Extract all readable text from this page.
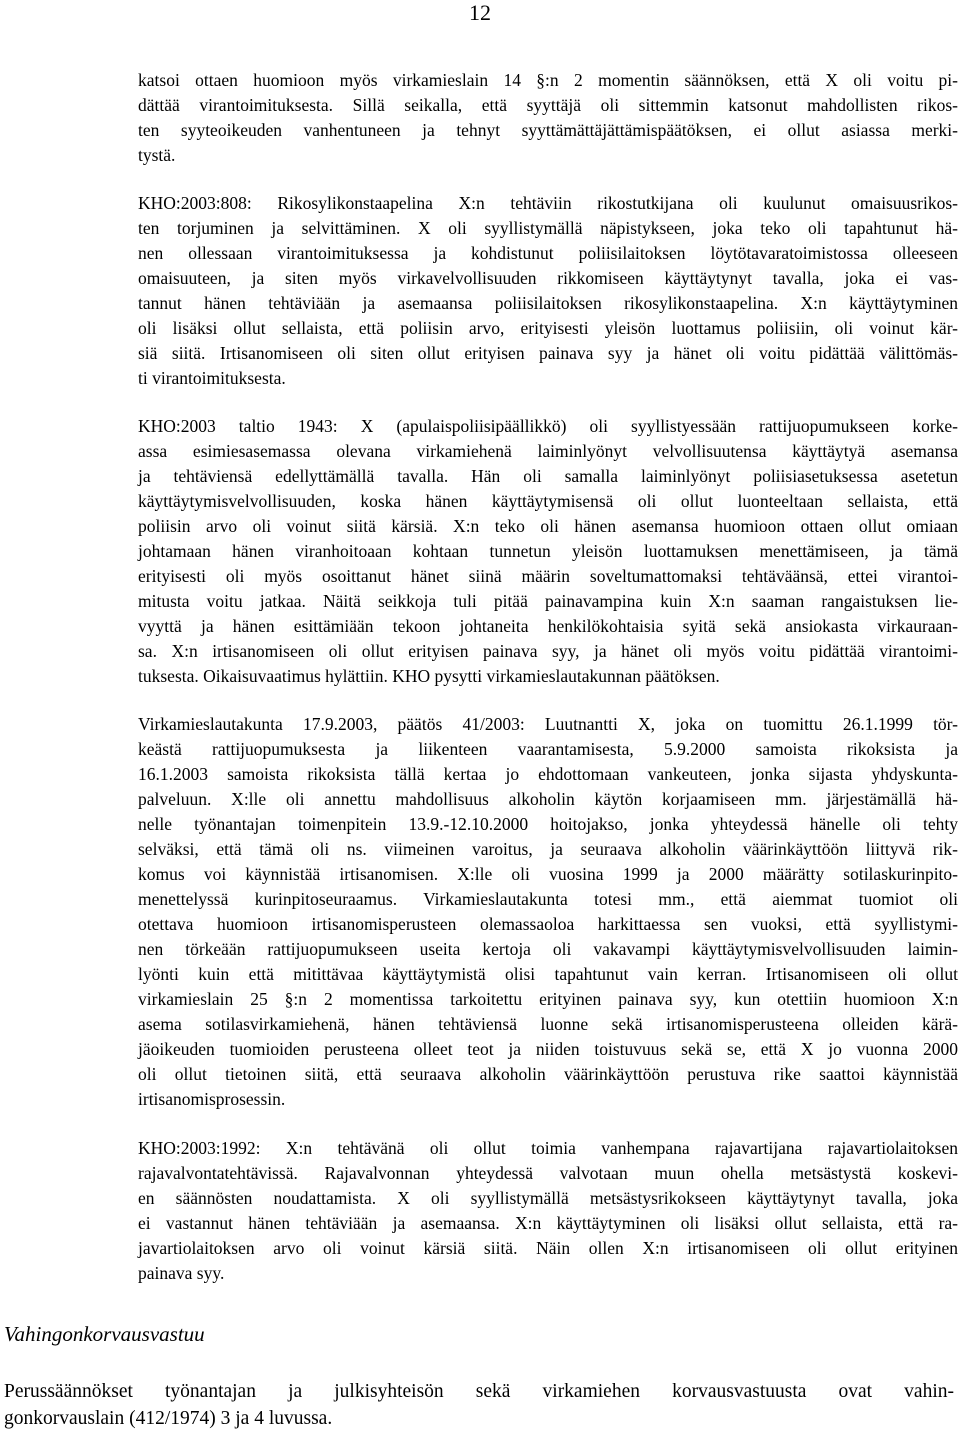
12
katsoi ottaen huomioon myös virkamieslain 14 §:n 2 momentin säännöksen, että X oli voitu pi-
dättää virantoimituksesta. Sillä seikalla, että syyttäjä oli sittemmin katsonut mahdollisten rikos-
ten syyteoikeuden vanhentuneen ja tehnyt syyttämättäjättämispäätöksen, ei ollut asiassa merki-
tystä.
KHO:2003:808: Rikosylikonstaapelina X:n tehtäviin rikostutkijana oli kuulunut omaisuusrikos-
ten torjuminen ja selvittäminen. X oli syyllistymällä näpistykseen, joka teko oli tapahtunut hä-
nen ollessaan virantoimituksessa ja kohdistunut poliisilaitoksen löytötavaratoimistossa olleeseen
omaisuuteen, ja siten myös virkavelvollisuuden rikkomiseen käyttäytynyt tavalla, joka ei vas-
tannut hänen tehtäviään ja asemaansa poliisilaitoksen rikosylikonstaapelina. X:n käyttäytyminen
oli lisäksi ollut sellaista, että poliisin arvo, erityisesti yleisön luottamus poliisiin, oli voinut kär-
siä siitä. Irtisanomiseen oli siten ollut erityisen painava syy ja hänet oli voitu pidättää välittömäs-
ti virantoimituksesta.
KHO:2003 taltio 1943: X (apulaispoliisipäällikkö) oli syyllistyessään rattijuopumukseen korke-
assa esimiesasemassa olevana virkamiehenä laiminlyönyt velvollisuutensa käyttäytyä asemansa
ja tehtäviensä edellyttämällä tavalla. Hän oli samalla laiminlyönyt poliisiasetuksessa asetetun
käyttäytymisvelvollisuuden, koska hänen käyttäytymisensä oli ollut luonteeltaan sellaista, että
poliisin arvo oli voinut siitä kärsiä. X:n teko oli hänen asemansa huomioon ottaen ollut omiaan
johtamaan hänen viranhoitoaan kohtaan tunnetun yleisön luottamuksen menettämiseen, ja tämä
erityisesti oli myös osoittanut hänet siinä määrin soveltumattomaksi tehtäväänsä, ettei virantoi-
mitusta voitu jatkaa. Näitä seikkoja tuli pitää painavampina kuin X:n saaman rangaistuksen lie-
vyyttä ja hänen esittämiään tekoon johtaneita henkilökohtaisia syitä sekä ansiokasta virkauraan-
sa. X:n irtisanomiseen oli ollut erityisen painava syy, ja hänet oli myös voitu pidättää virantoimi-
tuksesta. Oikaisuvaatimus hylättiin. KHO pysytti virkamieslautakunnan päätöksen.
Virkamieslautakunta 17.9.2003, päätös 41/2003: Luutnantti X, joka on tuomittu 26.1.1999 tör-
keästä rattijuopumuksesta ja liikenteen vaarantamisesta, 5.9.2000 samoista rikoksista ja
16.1.2003 samoista rikoksista tällä kertaa jo ehdottomaan vankeuteen, jonka sijasta yhdyskunta-
palveluun. X:lle oli annettu mahdollisuus alkoholin käytön korjaamiseen mm. järjestämällä hä-
nelle työnantajan toimenpitein 13.9.-12.10.2000 hoitojakso, jonka yhteydessä hänelle oli tehty
selväksi, että tämä oli ns. viimeinen varoitus, ja seuraava alkoholin väärinkäyttöön liittyvä rik-
komus voi käynnistää irtisanomisen. X:lle oli vuosina 1999 ja 2000 määrätty sotilaskurinpito-
menettelyssä kurinpitoseuraamus. Virkamieslautakunta totesi mm., että aiemmat tuomiot oli
otettava huomioon irtisanomisperusteen olemassaoloa harkittaessa sen vuoksi, että syyllistymi-
nen törkeään rattijuopumukseen useita kertoja oli vakavampi käyttäytymisvelvollisuuden laimin-
lyönti kuin että mitittävaa käyttäytymistä olisi tapahtunut vain kerran. Irtisanomiseen oli ollut
virkamieslain 25 §:n 2 momentissa tarkoitettu erityinen painava syy, kun otettiin huomioon X:n
asema sotilasvirkamiehenä, hänen tehtäviensä luonne sekä irtisanomisperusteena olleiden kärä-
jäoikeuden tuomioiden perusteena olleet teot ja niiden toistuvuus sekä se, että X jo vuonna 2000
oli ollut tietoinen siitä, että seuraava alkoholin väärinkäyttöön perustuva rike saattoi käynnistää
irtisanomisprosessin.
KHO:2003:1992: X:n tehtävänä oli ollut toimia vanhempana rajavartijana rajavartiolaitoksen
rajavalvontatehtävissä. Rajavalvonnan yhteydessä valvotaan muun ohella metsästystä koskevi-
en säännösten noudattamista. X oli syyllistymällä metsästysrikokseen käyttäytynyt tavalla, joka
ei vastannut hänen tehtäviään ja asemaansa. X:n käyttäytyminen oli lisäksi ollut sellaista, että ra-
javartiolaitoksen arvo oli voinut kärsiä siitä. Näin ollen X:n irtisanomiseen oli ollut erityinen
painava syy.
Vahingonkorvausvastuu
Perussäännökset työnantajan ja julkisyhteisön sekä virkamiehen korvausvastuusta ovat vahin-
gonkorvauslain (412/1974) 3 ja 4 luvussa.
